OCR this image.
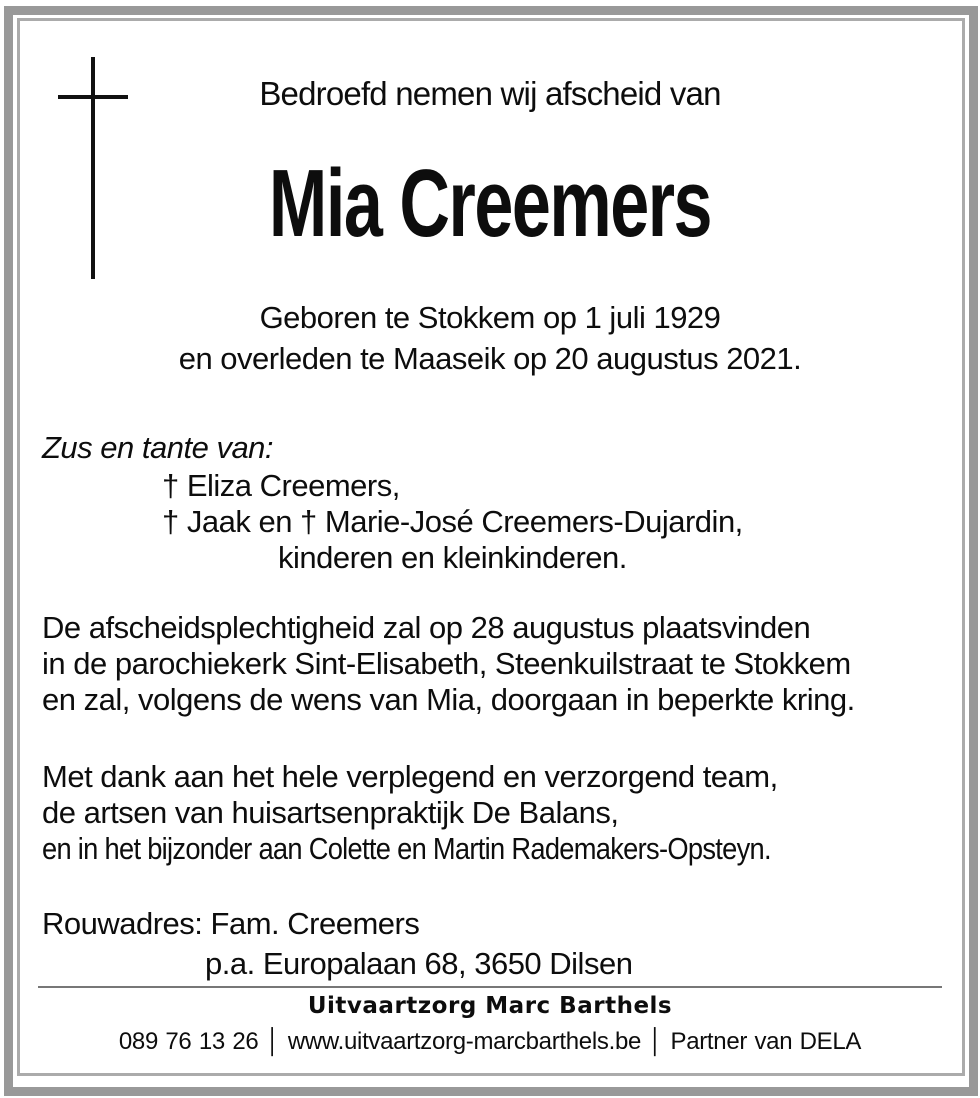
Bedroefd nemen wij afscheid van
Mia Creemers
Geboren te Stokkem op 1 juli 1929
en overleden te Maaseik op 20 augustus 2021.
Zus en tante van:
† Eliza Creemers,
† Jaak en † Marie-José Creemers-Dujardin,
kinderen en kleinkinderen.
De afscheidsplechtigheid zal op 28 augustus plaatsvinden
in de parochiekerk Sint-Elisabeth, Steenkuilstraat te Stokkem
en zal, volgens de wens van Mia, doorgaan in beperkte kring.
Met dank aan het hele verplegend en verzorgend team,
de artsen van huisartsenpraktijk De Balans,
en in het bijzonder aan Colette en Martin Rademakers-Opsteyn.
Rouwadres: Fam. Creemers
p.a. Europalaan 68, 3650 Dilsen
Uitvaartzorg Marc Barthels
089 76 13 26 │ www.uitvaartzorg-marcbarthels.be │ Partner van DELA
